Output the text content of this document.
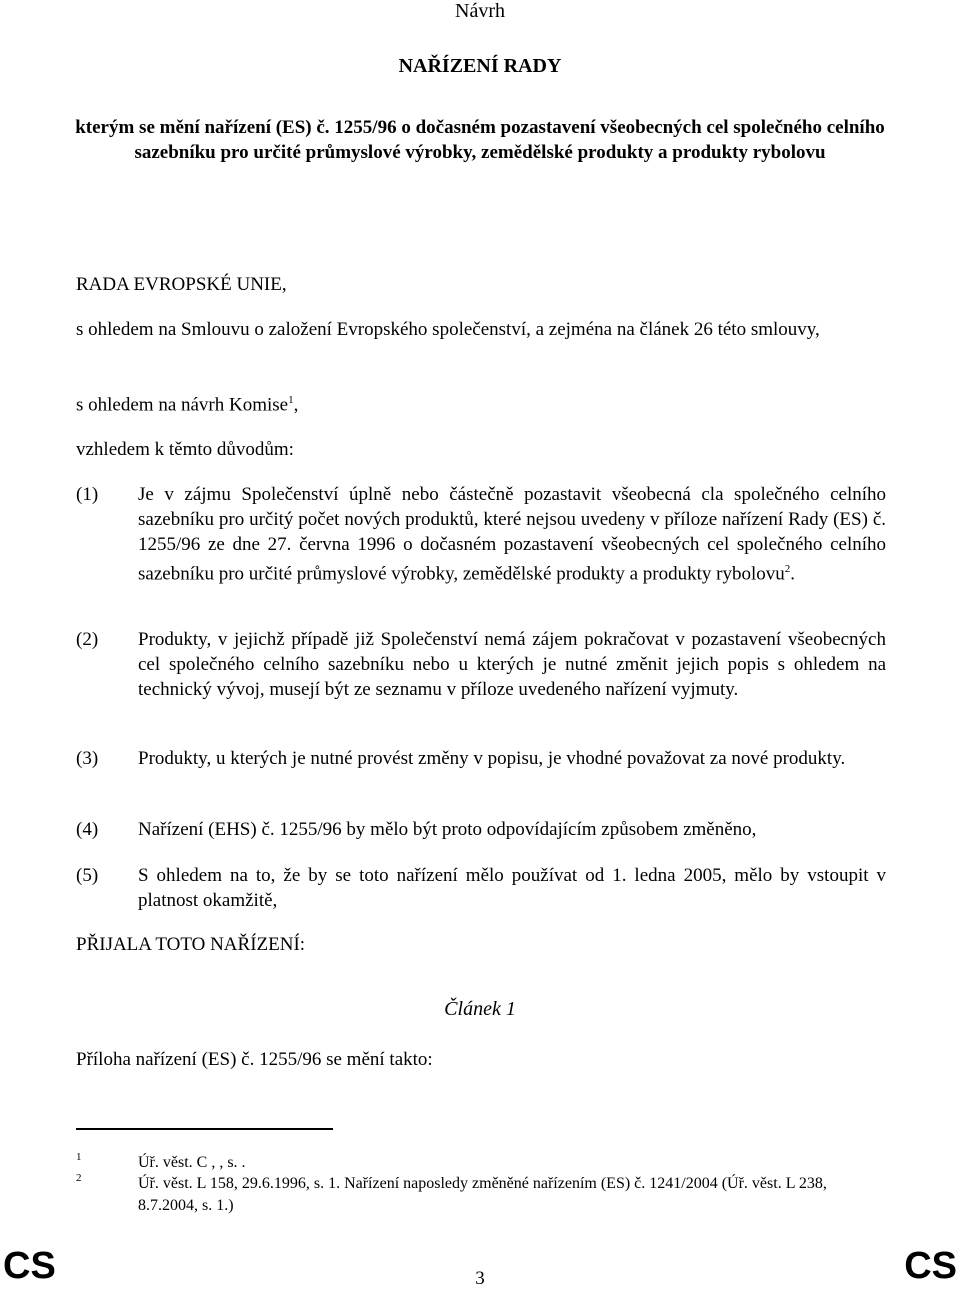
Návrh
NAŘÍZENÍ RADY
kterým se mění nařízení (ES) č. 1255/96 o dočasném pozastavení všeobecných cel společného celního sazebníku pro určité průmyslové výrobky, zemědělské produkty a produkty rybolovu
RADA EVROPSKÉ UNIE,
s ohledem na Smlouvu o založení Evropského společenství, a zejména na článek 26 této smlouvy,
s ohledem na návrh Komise$^1$,
vzhledem k těmto důvodům:
(1)	Je v zájmu Společenství úplně nebo částečně pozastavit všeobecná cla společného celního sazebníku pro určitý počet nových produktů, které nejsou uvedeny v příloze nařízení Rady (ES) č. 1255/96 ze dne 27. června 1996 o dočasném pozastavení všeobecných cel společného celního sazebníku pro určité průmyslové výrobky, zemědělské produkty a produkty rybolovu$^2$.
(2)	Produkty, v jejichž případě již Společenství nemá zájem pokračovat v pozastavení všeobecných cel společného celního sazebníku nebo u kterých je nutné změnit jejich popis s ohledem na technický vývoj, musejí být ze seznamu v příloze uvedeného nařízení vyjmuty.
(3)	Produkty, u kterých je nutné provést změny v popisu, je vhodné považovat za nové produkty.
(4)	Nařízení (EHS) č. 1255/96 by mělo být proto odpovídajícím způsobem změněno,
(5)	S ohledem na to, že by se toto nařízení mělo používat od 1. ledna 2005, mělo by vstoupit v platnost okamžitě,
PŘIJALA TOTO NAŘÍZENÍ:
Článek 1
Příloha nařízení (ES) č. 1255/96 se mění takto:
1	Úř. věst. C , , s. .
2	Úř. věst. L 158, 29.6.1996, s. 1. Nařízení naposledy změněné nařízením (ES) č. 1241/2004 (Úř. věst. L 238, 8.7.2004, s. 1.)
CS	3	CS
